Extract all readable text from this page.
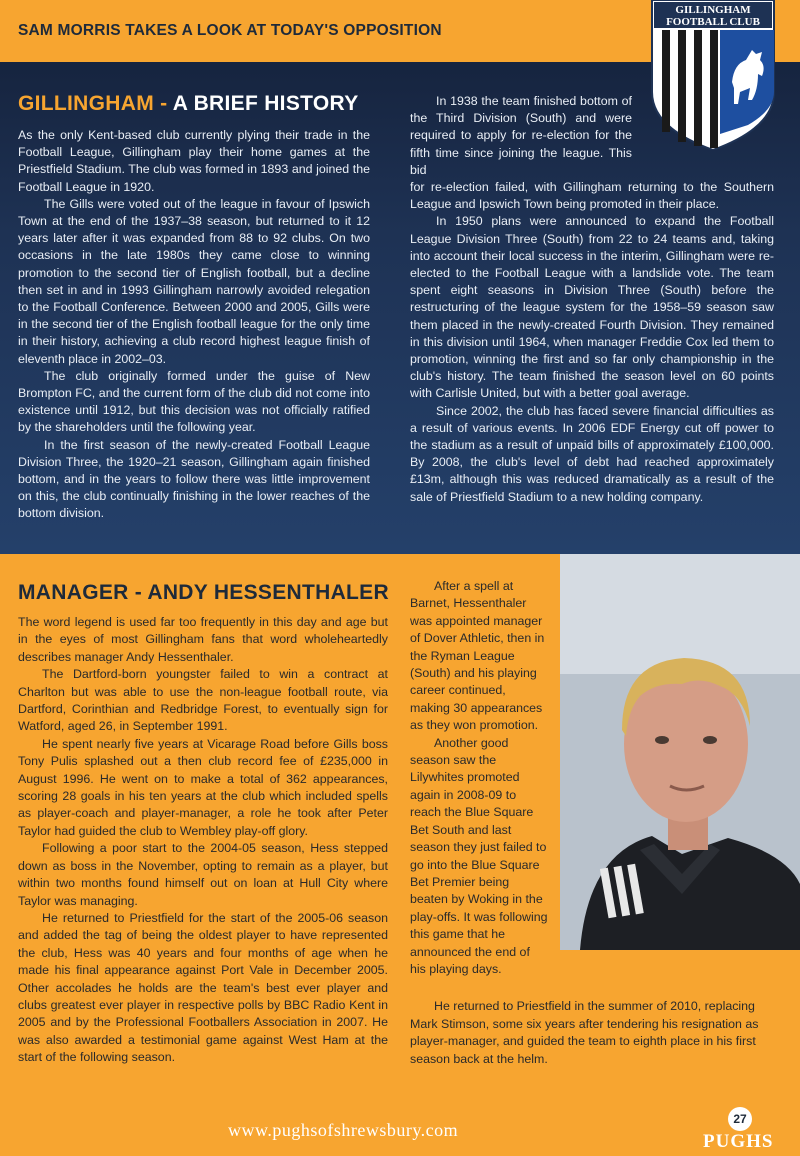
SAM MORRIS TAKES A LOOK AT TODAY'S OPPOSITION
GILLINGHAM
FOOTBALL CLUB
GILLINGHAM - A BRIEF HISTORY

As the only Kent-based club currently plying their trade in the Football League, Gillingham play their home games at the Priestfield Stadium. The club was formed in 1893 and joined the Football League in 1920.

The Gills were voted out of the league in favour of Ipswich Town at the end of the 1937–38 season, but returned to it 12 years later after it was expanded from 88 to 92 clubs. On two occasions in the late 1980s they came close to winning promotion to the second tier of English football, but a decline then set in and in 1993 Gillingham narrowly avoided relegation to the Football Conference. Between 2000 and 2005, Gills were in the second tier of the English football league for the only time in their history, achieving a club record highest league finish of eleventh place in 2002–03.

The club originally formed under the guise of New Brompton FC, and the current form of the club did not come into existence until 1912, but this decision was not officially ratified by the shareholders until the following year.

In the first season of the newly-created Football League Division Three, the 1920–21 season, Gillingham again finished bottom, and in the years to follow there was little improvement on this, the club continually finishing in the lower reaches of the bottom division.

In 1938 the team finished bottom of the Third Division (South) and were required to apply for re-election for the fifth time since joining the league. This bid

for re-election failed, with Gillingham returning to the Southern League and Ipswich Town being promoted in their place.

In 1950 plans were announced to expand the Football League Division Three (South) from 22 to 24 teams and, taking into account their local success in the interim, Gillingham were re-elected to the Football League with a landslide vote. The team spent eight seasons in Division Three (South) before the restructuring of the league system for the 1958–59 season saw them placed in the newly-created Fourth Division. They remained in this division until 1964, when manager Freddie Cox led them to promotion, winning the first and so far only championship in the club's history. The team finished the season level on 60 points with Carlisle United, but with a better goal average.

Since 2002, the club has faced severe financial difficulties as a result of various events. In 2006 EDF Energy cut off power to the stadium as a result of unpaid bills of approximately £100,000. By 2008, the club's level of debt had reached approximately £13m, although this was reduced dramatically as a result of the sale of Priestfield Stadium to a new holding company.

MANAGER - ANDY HESSENTHALER

The word legend is used far too frequently in this day and age but in the eyes of most Gillingham fans that word wholeheartedly describes manager Andy Hessenthaler.

The Dartford-born youngster failed to win a contract at Charlton but was able to use the non-league football route, via Dartford, Corinthian and Redbridge Forest, to eventually sign for Watford, aged 26, in September 1991.

He spent nearly five years at Vicarage Road before Gills boss Tony Pulis splashed out a then club record fee of £235,000 in August 1996. He went on to make a total of 362 appearances, scoring 28 goals in his ten years at the club which included spells as player-coach and player-manager, a role he took after Peter Taylor had guided the club to Wembley play-off glory.

Following a poor start to the 2004-05 season, Hess stepped down as boss in the November, opting to remain as a player, but within two months found himself out on loan at Hull City where Taylor was managing.

He returned to Priestfield for the start of the 2005-06 season and added the tag of being the oldest player to have represented the club, Hess was 40 years and four months of age when he made his final appearance against Port Vale in December 2005. Other accolades he holds are the team's best ever player and clubs greatest ever player in respective polls by BBC Radio Kent in 2005 and by the Professional Footballers Association in 2007. He was also awarded a testimonial game against West Ham at the start of the following season.

After a spell at Barnet, Hessenthaler was appointed manager of Dover Athletic, then in the Ryman League (South) and his playing career continued, making 30 appearances as they won promotion.

Another good season saw the Lilywhites promoted again in 2008-09 to reach the Blue Square Bet South and last season they just failed to go into the Blue Square Bet Premier being beaten by Woking in the play-offs. It was following this game that he announced the end of his playing days.

He returned to Priestfield in the summer of 2010, replacing Mark Stimson, some six years after tendering his resignation as player-manager, and guided the team to eighth place in his first season back at the helm.

www.pughsofshrewsbury.com
27
PUGHS
